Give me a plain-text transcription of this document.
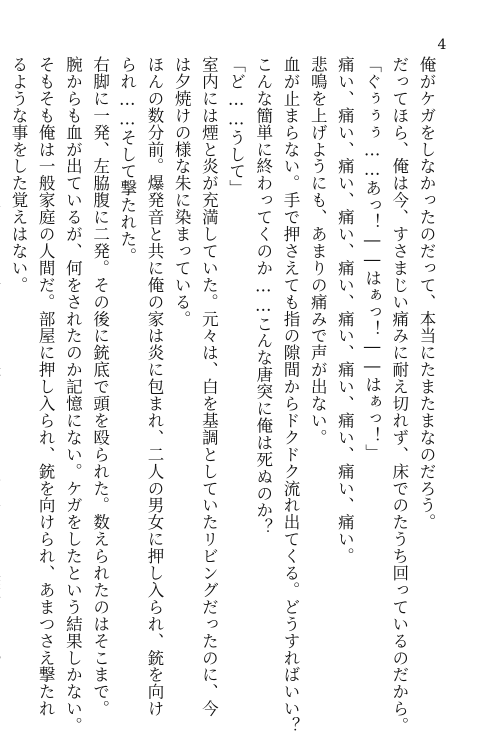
4
俺がケガをしなかったのだって、本当にたまたまなのだろう。
だってほら、俺は今、すさまじい痛みに耐え切れず、床でのたうち回っているのだから。
「ぐぅぅぅ……あっ！――はぁっ！――はぁっ！」
痛い、痛い、痛い、痛い、痛い、痛い、痛い、痛い、痛い、痛い。
悲鳴を上げようにも、あまりの痛みで声が出ない。
血が止まらない。手で押さえても指の隙間からドクドク流れ出てくる。どうすればいい？
こんな簡単に終わってくのか……こんな唐突に俺は死ぬのか？
「ど……うして」
室内には煙と炎が充満していた。元々は、白を基調としていたリビングだったのに、今
は夕焼けの様な朱に染まっている。
ほんの数分前。爆発音と共に俺の家は炎に包まれ、二人の男女に押し入られ、銃を向け
られ……そして撃たれた。
右脚に一発、左脇腹に二発。その後に銃底で頭を殴られた。数えられたのはそこまで。
腕からも血が出ているが、何をされたのか記憶にない。ケガをしたという結果しかない。
そもそも俺は一般家庭の人間だ。部屋に押し入られ、銃を向けられ、あまつさえ撃たれ
るような事をした覚えはない。
